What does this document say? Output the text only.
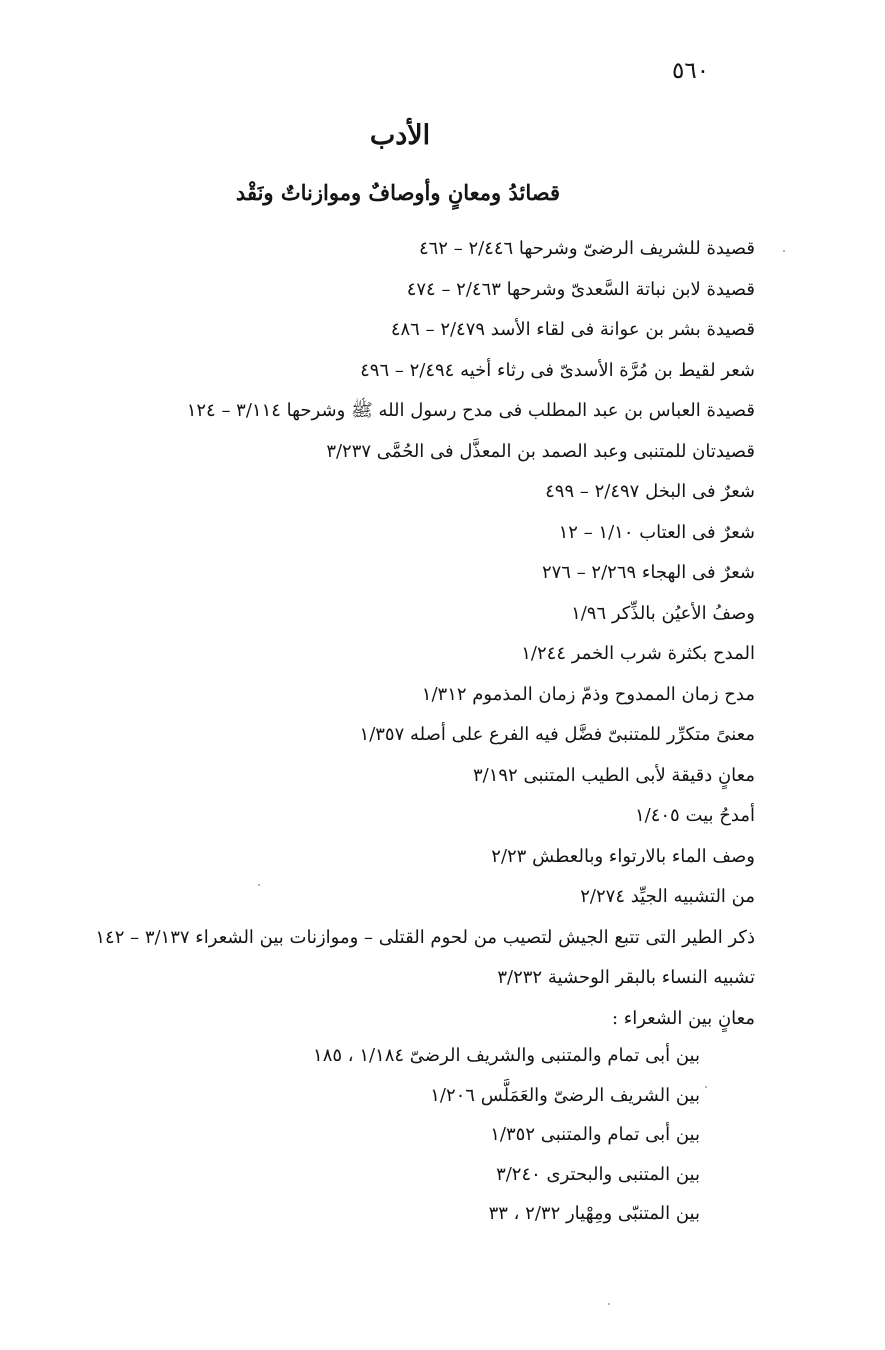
٥٦٠
الأدب
قصائدُ ومعانٍ وأوصافٌ وموازناتٌ ونَقْد
قصيدة للشريف الرضىّ وشرحها ٢/٤٤٦ – ٤٦٢
قصيدة لابن نباتة السَّعدىّ وشرحها ٢/٤٦٣ – ٤٧٤
قصيدة بشر بن عوانة فى لقاء الأسد ٢/٤٧٩ – ٤٨٦
شعر لقيط بن مُرَّة الأسدىّ فى رثاء أخيه ٢/٤٩٤ – ٤٩٦
قصيدة العباس بن عبد المطلب فى مدح رسول الله ﷺ وشرحها ٣/١١٤ – ١٢٤
قصيدتان للمتنبى وعبد الصمد بن المعذَّل فى الحُمَّى ٣/٢٣٧
شعرٌ فى البخل ٢/٤٩٧ – ٤٩٩
شعرٌ فى العتاب ١/١٠ – ١٢
شعرٌ فى الهجاء ٢/٢٦٩ – ٢٧٦
وصفُ الأعيُن بالذِّكر ١/٩٦
المدح بكثرة شرب الخمر ١/٢٤٤
مدح زمان الممدوح وذمّ زمان المذموم ١/٣١٢
معنىً متكرِّر للمتنبىّ فضَّل فيه الفرع على أصله ١/٣٥٧
معانٍ دقيقة لأبى الطيب المتنبى ٣/١٩٢
أمدحُ بيت ١/٤٠٥
وصف الماء بالارتواء وبالعطش ٢/٢٣
من التشبيه الجيِّد ٢/٢٧٤
ذكر الطير التى تتبع الجيش لتصيب من لحوم القتلى – وموازنات بين الشعراء ٣/١٣٧ – ١٤٢
تشبيه النساء بالبقر الوحشية ٣/٢٣٢
معانٍ بين الشعراء :
بين أبى تمام والمتنبى والشريف الرضىّ ١/١٨٤ ، ١٨٥
بين الشريف الرضىّ والعَمَلَّس ١/٢٠٦
بين أبى تمام والمتنبى ١/٣٥٢
بين المتنبى والبحترى ٣/٢٤٠
بين المتنبّى ومِهْيار ٢/٣٢ ، ٣٣
